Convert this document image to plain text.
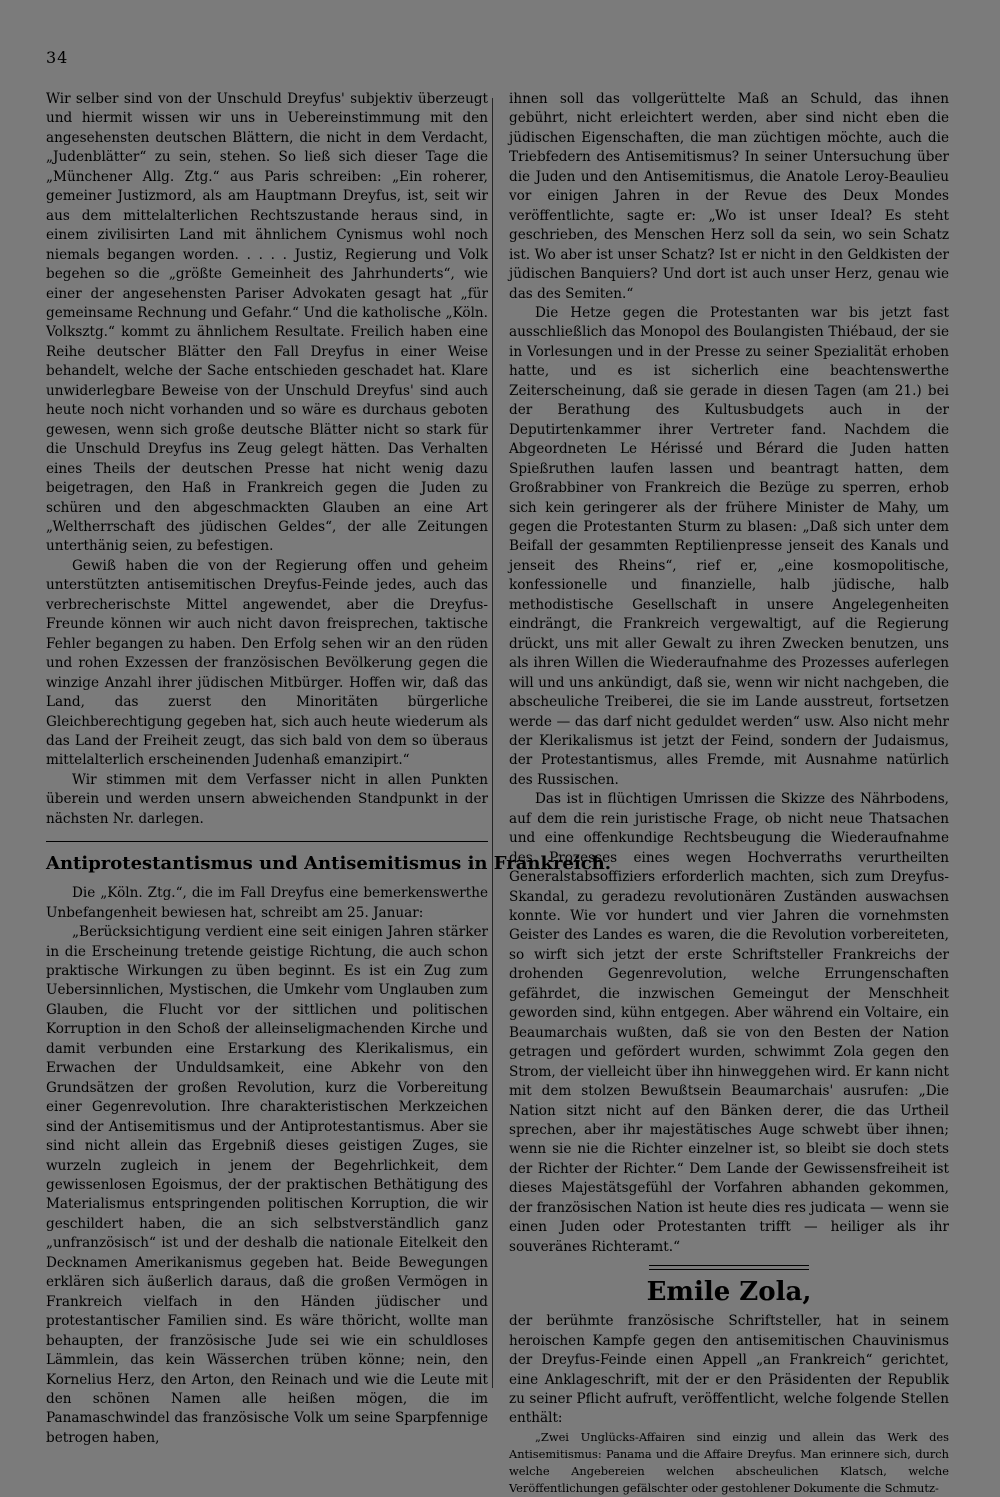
34

Wir selber sind von der Unschuld Dreyfus' subjektiv überzeugt und hiermit wissen wir uns in Uebereinstimmung mit den angesehensten deutschen Blättern, die nicht in dem Verdacht, „Judenblätter“ zu sein, stehen. So ließ sich dieser Tage die „Münchener Allg. Ztg.“ aus Paris schreiben: „Ein roherer, gemeiner Justizmord, als am Hauptmann Dreyfus, ist, seit wir aus dem mittelalterlichen Rechtszustande heraus sind, in einem zivilisirten Land mit ähnlichem Cynismus wohl noch niemals begangen worden. . . . . Justiz, Regierung und Volk begehen so die „größte Gemeinheit des Jahrhunderts“, wie einer der angesehensten Pariser Advokaten gesagt hat „für gemeinsame Rechnung und Gefahr.“ Und die katholische „Köln. Volksztg.“ kommt zu ähnlichem Resultate. Freilich haben eine Reihe deutscher Blätter den Fall Dreyfus in einer Weise behandelt, welche der Sache entschieden geschadet hat. Klare unwiderlegbare Beweise von der Unschuld Dreyfus' sind auch heute noch nicht vorhanden und so wäre es durchaus geboten gewesen, wenn sich große deutsche Blätter nicht so stark für die Unschuld Dreyfus ins Zeug gelegt hätten. Das Verhalten eines Theils der deutschen Presse hat nicht wenig dazu beigetragen, den Haß in Frankreich gegen die Juden zu schüren und den abgeschmackten Glauben an eine Art „Weltherrschaft des jüdischen Geldes“, der alle Zeitungen unterthänig seien, zu befestigen.

Gewiß haben die von der Regierung offen und geheim unterstützten antisemitischen Dreyfus-Feinde jedes, auch das verbrecherischste Mittel angewendet, aber die Dreyfus-Freunde können wir auch nicht davon freisprechen, taktische Fehler begangen zu haben. Den Erfolg sehen wir an den rüden und rohen Exzessen der französischen Bevölkerung gegen die winzige Anzahl ihrer jüdischen Mitbürger. Hoffen wir, daß das Land, das zuerst den Minoritäten bürgerliche Gleichberechtigung gegeben hat, sich auch heute wiederum als das Land der Freiheit zeugt, das sich bald von dem so überaus mittelalterlich erscheinenden Judenhaß emanzipirt.“

Wir stimmen mit dem Verfasser nicht in allen Punkten überein und werden unsern abweichenden Standpunkt in der nächsten Nr. darlegen.

Antiprotestantismus und Antisemitismus in Frankreich.

Die „Köln. Ztg.“, die im Fall Dreyfus eine bemerkenswerthe Unbefangenheit bewiesen hat, schreibt am 25. Januar:

„Berücksichtigung verdient eine seit einigen Jahren stärker in die Erscheinung tretende geistige Richtung, die auch schon praktische Wirkungen zu üben beginnt. Es ist ein Zug zum Uebersinnlichen, Mystischen, die Umkehr vom Unglauben zum Glauben, die Flucht vor der sittlichen und politischen Korruption in den Schoß der alleinseligmachenden Kirche und damit verbunden eine Erstarkung des Klerikalismus, ein Erwachen der Unduldsamkeit, eine Abkehr von den Grundsätzen der großen Revolution, kurz die Vorbereitung einer Gegenrevolution. Ihre charakteristischen Merkzeichen sind der Antisemitismus und der Antiprotestantismus. Aber sie sind nicht allein das Ergebniß dieses geistigen Zuges, sie wurzeln zugleich in jenem der Begehrlichkeit, dem gewissenlosen Egoismus, der der praktischen Bethätigung des Materialismus entspringenden politischen Korruption, die wir geschildert haben, die an sich selbstverständlich ganz „unfranzösisch“ ist und der deshalb die nationale Eitelkeit den Decknamen Amerikanismus gegeben hat. Beide Bewegungen erklären sich äußerlich daraus, daß die großen Vermögen in Frankreich vielfach in den Händen jüdischer und protestantischer Familien sind. Es wäre thöricht, wollte man behaupten, der französische Jude sei wie ein schuldloses Lämmlein, das kein Wässerchen trüben könne; nein, den Kornelius Herz, den Arton, den Reinach und wie die Leute mit den schönen Namen alle heißen mögen, die im Panamaschwindel das französische Volk um seine Sparpfennige betrogen haben,

ihnen soll das vollgerüttelte Maß an Schuld, das ihnen gebührt, nicht erleichtert werden, aber sind nicht eben die jüdischen Eigenschaften, die man züchtigen möchte, auch die Triebfedern des Antisemitismus? In seiner Untersuchung über die Juden und den Antisemitismus, die Anatole Leroy-Beaulieu vor einigen Jahren in der Revue des Deux Mondes veröffentlichte, sagte er: „Wo ist unser Ideal? Es steht geschrieben, des Menschen Herz soll da sein, wo sein Schatz ist. Wo aber ist unser Schatz? Ist er nicht in den Geldkisten der jüdischen Banquiers? Und dort ist auch unser Herz, genau wie das des Semiten.“

Die Hetze gegen die Protestanten war bis jetzt fast ausschließlich das Monopol des Boulangisten Thiébaud, der sie in Vorlesungen und in der Presse zu seiner Spezialität erhoben hatte, und es ist sicherlich eine beachtenswerthe Zeiterscheinung, daß sie gerade in diesen Tagen (am 21.) bei der Berathung des Kultusbudgets auch in der Deputirtenkammer ihrer Vertreter fand. Nachdem die Abgeordneten Le Hérissé und Bérard die Juden hatten Spießruthen laufen lassen und beantragt hatten, dem Großrabbiner von Frankreich die Bezüge zu sperren, erhob sich kein geringerer als der frühere Minister de Mahy, um gegen die Protestanten Sturm zu blasen: „Daß sich unter dem Beifall der gesammten Reptilienpresse jenseit des Kanals und jenseit des Rheins“, rief er, „eine kosmopolitische, konfessionelle und finanzielle, halb jüdische, halb methodistische Gesellschaft in unsere Angelegenheiten eindrängt, die Frankreich vergewaltigt, auf die Regierung drückt, uns mit aller Gewalt zu ihren Zwecken benutzen, uns als ihren Willen die Wiederaufnahme des Prozesses auferlegen will und uns ankündigt, daß sie, wenn wir nicht nachgeben, die abscheuliche Treiberei, die sie im Lande ausstreut, fortsetzen werde — das darf nicht geduldet werden“ usw. Also nicht mehr der Klerikalismus ist jetzt der Feind, sondern der Judaismus, der Protestantismus, alles Fremde, mit Ausnahme natürlich des Russischen.

Das ist in flüchtigen Umrissen die Skizze des Nährbodens, auf dem die rein juristische Frage, ob nicht neue Thatsachen und eine offenkundige Rechtsbeugung die Wiederaufnahme des Prozesses eines wegen Hochverraths verurtheilten Generalstabsoffiziers erforderlich machten, sich zum Dreyfus-Skandal, zu geradezu revolutionären Zuständen auswachsen konnte. Wie vor hundert und vier Jahren die vornehmsten Geister des Landes es waren, die die Revolution vorbereiteten, so wirft sich jetzt der erste Schriftsteller Frankreichs der drohenden Gegenrevolution, welche Errungenschaften gefährdet, die inzwischen Gemeingut der Menschheit geworden sind, kühn entgegen. Aber während ein Voltaire, ein Beaumarchais wußten, daß sie von den Besten der Nation getragen und gefördert wurden, schwimmt Zola gegen den Strom, der vielleicht über ihn hinweggehen wird. Er kann nicht mit dem stolzen Bewußtsein Beaumarchais' ausrufen: „Die Nation sitzt nicht auf den Bänken derer, die das Urtheil sprechen, aber ihr majestätisches Auge schwebt über ihnen; wenn sie nie die Richter einzelner ist, so bleibt sie doch stets der Richter der Richter.“ Dem Lande der Gewissensfreiheit ist dieses Majestätsgefühl der Vorfahren abhanden gekommen, der französischen Nation ist heute dies res judicata — wenn sie einen Juden oder Protestanten trifft — heiliger als ihr souveränes Richteramt.“

Emile Zola,

der berühmte französische Schriftsteller, hat in seinem heroischen Kampfe gegen den antisemitischen Chauvinismus der Dreyfus-Feinde einen Appell „an Frankreich“ gerichtet, eine Anklageschrift, mit der er den Präsidenten der Republik zu seiner Pflicht aufruft, veröffentlicht, welche folgende Stellen enthält:

„Zwei Unglücks-Affairen sind einzig und allein das Werk des Antisemitismus: Panama und die Affaire Dreyfus. Man erinnere sich, durch welche Angebereien welchen abscheulichen Klatsch, welche Veröffentlichungen gefälschter oder gestohlener Dokumente die Schmutz-
